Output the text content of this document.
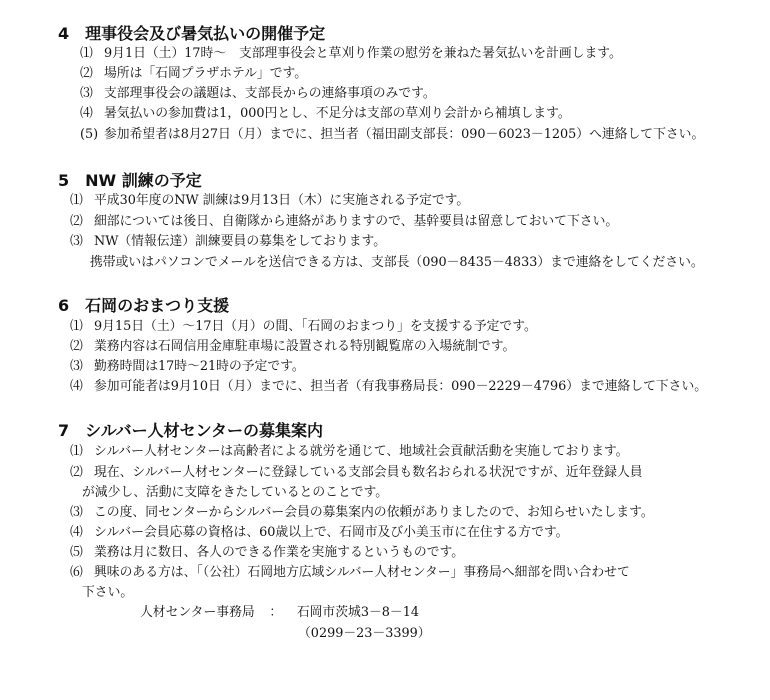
4　理事役会及び暑気払いの開催予定
⑴ 9月1日（土）17時～　支部理事役会と草刈り作業の慰労を兼ねた暑気払いを計画します。
⑵ 場所は「石岡プラザホテル」です。
⑶ 支部理事役会の議題は、支部長からの連絡事項のみです。
⑷ 暑気払いの参加費は1，000円とし、不足分は支部の草刈り会計から補填します。
(5) 参加希望者は8月27日（月）までに、担当者（福田副支部長：090－6023－1205）へ連絡して下さい。
5　NW 訓練の予定
⑴ 平成30年度のNW 訓練は9月13日（木）に実施される予定です。
⑵ 細部については後日、自衛隊から連絡がありますので、基幹要員は留意しておいて下さい。
⑶ NW（情報伝達）訓練要員の募集をしております。
携帯或いはパソコンでメールを送信できる方は、支部長（090－8435－4833）まで連絡をしてください。
6　石岡のおまつり支援
⑴ 9月15日（土）～17日（月）の間、「石岡のおまつり」を支援する予定です。
⑵ 業務内容は石岡信用金庫駐車場に設置される特別観覧席の入場統制です。
⑶ 勤務時間は17時～21時の予定です。
⑷ 参加可能者は9月10日（月）までに、担当者（有我事務局長：090－2229－4796）まで連絡して下さい。
7　シルバー人材センターの募集案内
⑴ シルバー人材センターは高齢者による就労を通じて、地域社会貢献活動を実施しております。
⑵ 現在、シルバー人材センターに登録している支部会員も数名おられる状況ですが、近年登録人員
が減少し、活動に支障をきたしているとのことです。
⑶ この度、同センターからシルバー会員の募集案内の依頼がありましたので、お知らせいたします。
⑷ シルバー会員応募の資格は、60歳以上で、石岡市及び小美玉市に在住する方です。
⑸ 業務は月に数日、各人のできる作業を実施するというものです。
⑹ 興味のある方は、「（公社）石岡地方広域シルバー人材センター」事務局へ細部を問い合わせて
下さい。
人材センター事務局 ： 石岡市茨城3－8－14
（0299－23－3399）
